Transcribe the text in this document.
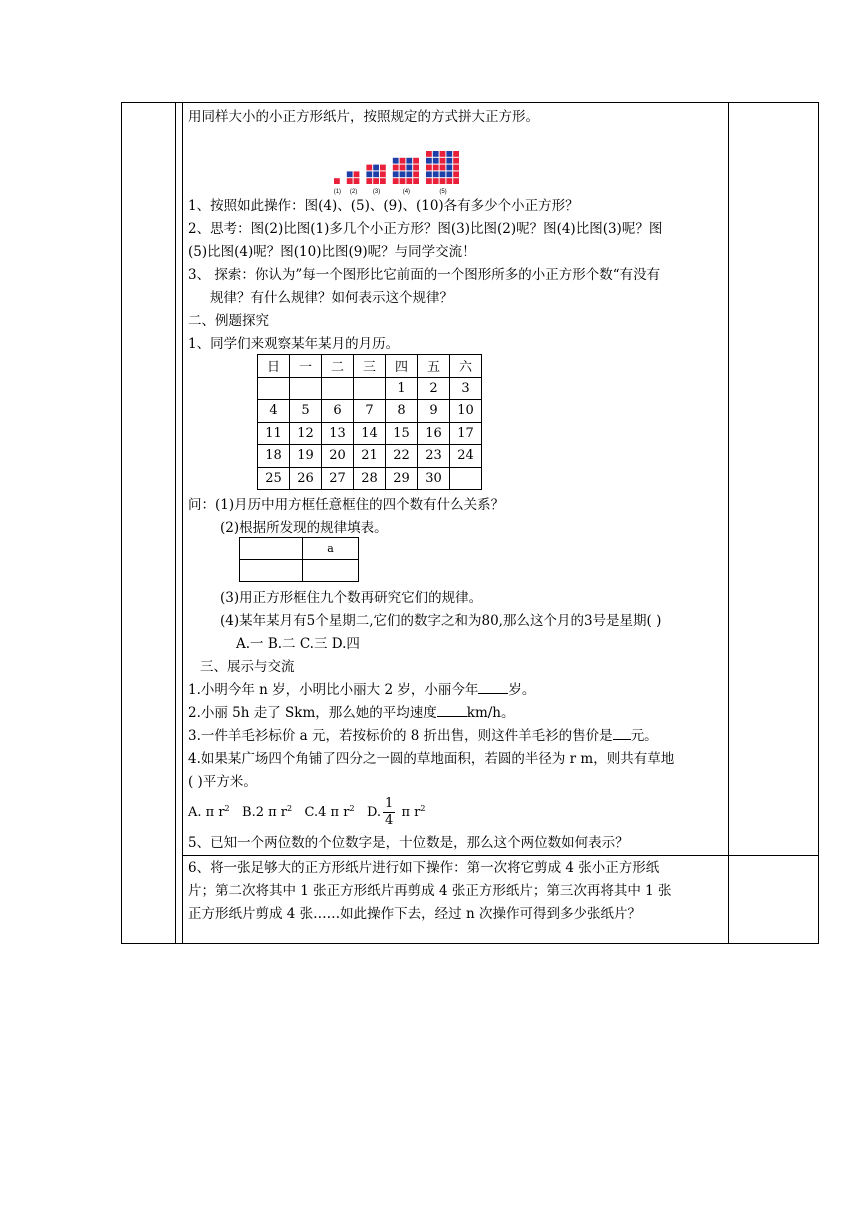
用同样大小的小正方形纸片，按照规定的方式拼大正方形。

(1) (2)	(3)	(4)	(5)

1、按照如此操作：图(4)、(5)、(9)、(10)各有多少个小正方形？

2、思考：图(2)比图(1)多几个小正方形？图(3)比图(2)呢？图(4)比图(3)呢？图

(5)比图(4)呢？图(10)比图(9)呢？与同学交流！

3、 探索：你认为”每一个图形比它前面的一个图形所多的小正方形个数“有没有

规律？有什么规律？如何表示这个规律？

二、例题探究

1、同学们来观察某年某月的月历。

日	一	二	三	四	五	六
				1	2	3
4	5	6	7	8	9	10
11	12	13	14	15	16	17
18	19	20	21	22	23	24
25	26	27	28	29	30	

问：(1)月历中用方框任意框住的四个数有什么关系？

(2)根据所发现的规律填表。

	a

(3)用正方形框住九个数再研究它们的规律。

(4)某年某月有5个星期二,它们的数字之和为80,那么这个月的3号是星期( )

A.一 B.二 C.三 D.四

三、展示与交流

1.小明今年 n 岁，小明比小丽大 2 岁，小丽今年 岁。

2.小丽 5h 走了 Skm，那么她的平均速度 km/h。

3.一件羊毛衫标价 a 元，若按标价的 8 折出售，则这件羊毛衫的售价是 元。

4.如果某广场四个角铺了四分之一圆的草地面积，若圆的半径为 r m，则共有草地

( )平方米。

A. π $r^2$ B.2 π $r^2$ C.4 π $r^2$ D. $\frac{1}{4}$ π $r^2$

5、已知一个两位数的个位数字是，十位数是，那么这个两位数如何表示？

6、将一张足够大的正方形纸片进行如下操作：第一次将它剪成 4 张小正方形纸

片；第二次将其中 1 张正方形纸片再剪成 4 张正方形纸片；第三次再将其中 1 张

正方形纸片剪成 4 张……如此操作下去，经过 n 次操作可得到多少张纸片？
